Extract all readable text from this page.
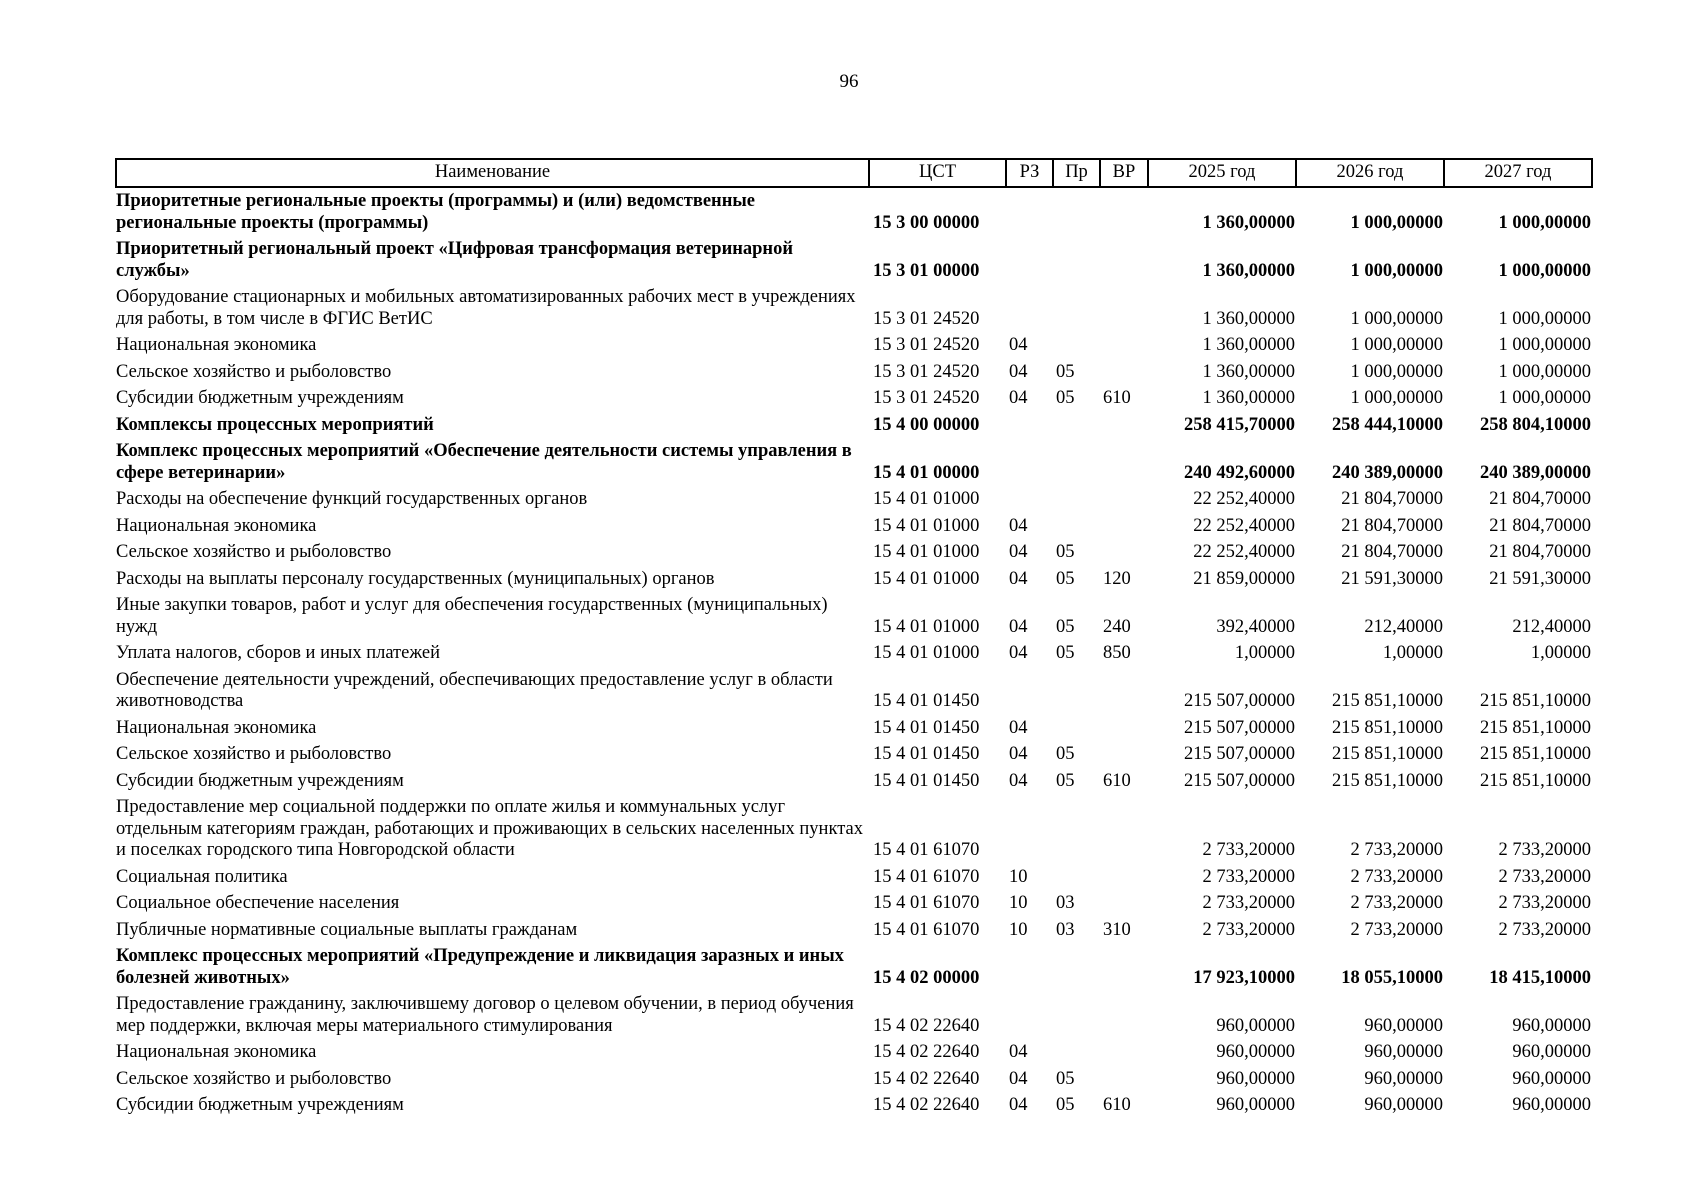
96
Наименование	ЦСТ	РЗ	Пр	ВР	2025 год	2026 год	2027 год
Приоритетные региональные проекты (программы) и (или) ведомственные региональные проекты (программы)	15 3 00 00000				1 360,00000	1 000,00000	1 000,00000
Приоритетный региональный проект «Цифровая трансформация ветеринарной службы»	15 3 01 00000				1 360,00000	1 000,00000	1 000,00000
Оборудование стационарных и мобильных автоматизированных рабочих мест в учреждениях для работы, в том числе в ФГИС ВетИС	15 3 01 24520				1 360,00000	1 000,00000	1 000,00000
Национальная экономика	15 3 01 24520	04			1 360,00000	1 000,00000	1 000,00000
Сельское хозяйство и рыболовство	15 3 01 24520	04	05		1 360,00000	1 000,00000	1 000,00000
Субсидии бюджетным учреждениям	15 3 01 24520	04	05	610	1 360,00000	1 000,00000	1 000,00000
Комплексы процессных мероприятий	15 4 00 00000				258 415,70000	258 444,10000	258 804,10000
Комплекс процессных мероприятий «Обеспечение деятельности системы управления в сфере ветеринарии»	15 4 01 00000				240 492,60000	240 389,00000	240 389,00000
Расходы на обеспечение функций государственных органов	15 4 01 01000				22 252,40000	21 804,70000	21 804,70000
Национальная экономика	15 4 01 01000	04			22 252,40000	21 804,70000	21 804,70000
Сельское хозяйство и рыболовство	15 4 01 01000	04	05		22 252,40000	21 804,70000	21 804,70000
Расходы на выплаты персоналу государственных (муниципальных) органов	15 4 01 01000	04	05	120	21 859,00000	21 591,30000	21 591,30000
Иные закупки товаров, работ и услуг для обеспечения государственных (муниципальных) нужд	15 4 01 01000	04	05	240	392,40000	212,40000	212,40000
Уплата налогов, сборов и иных платежей	15 4 01 01000	04	05	850	1,00000	1,00000	1,00000
Обеспечение деятельности учреждений, обеспечивающих предоставление услуг в области животноводства	15 4 01 01450				215 507,00000	215 851,10000	215 851,10000
Национальная экономика	15 4 01 01450	04			215 507,00000	215 851,10000	215 851,10000
Сельское хозяйство и рыболовство	15 4 01 01450	04	05		215 507,00000	215 851,10000	215 851,10000
Субсидии бюджетным учреждениям	15 4 01 01450	04	05	610	215 507,00000	215 851,10000	215 851,10000
Предоставление мер социальной поддержки по оплате жилья и коммунальных услуг отдельным категориям граждан, работающих и проживающих в сельских населенных пунктах и поселках городского типа Новгородской области	15 4 01 61070				2 733,20000	2 733,20000	2 733,20000
Социальная политика	15 4 01 61070	10			2 733,20000	2 733,20000	2 733,20000
Социальное обеспечение населения	15 4 01 61070	10	03		2 733,20000	2 733,20000	2 733,20000
Публичные нормативные социальные выплаты гражданам	15 4 01 61070	10	03	310	2 733,20000	2 733,20000	2 733,20000
Комплекс процессных мероприятий «Предупреждение и ликвидация заразных и иных болезней животных»	15 4 02 00000				17 923,10000	18 055,10000	18 415,10000
Предоставление гражданину, заключившему договор о целевом обучении, в период обучения мер поддержки, включая меры материального стимулирования	15 4 02 22640				960,00000	960,00000	960,00000
Национальная экономика	15 4 02 22640	04			960,00000	960,00000	960,00000
Сельское хозяйство и рыболовство	15 4 02 22640	04	05		960,00000	960,00000	960,00000
Субсидии бюджетным учреждениям	15 4 02 22640	04	05	610	960,00000	960,00000	960,00000
